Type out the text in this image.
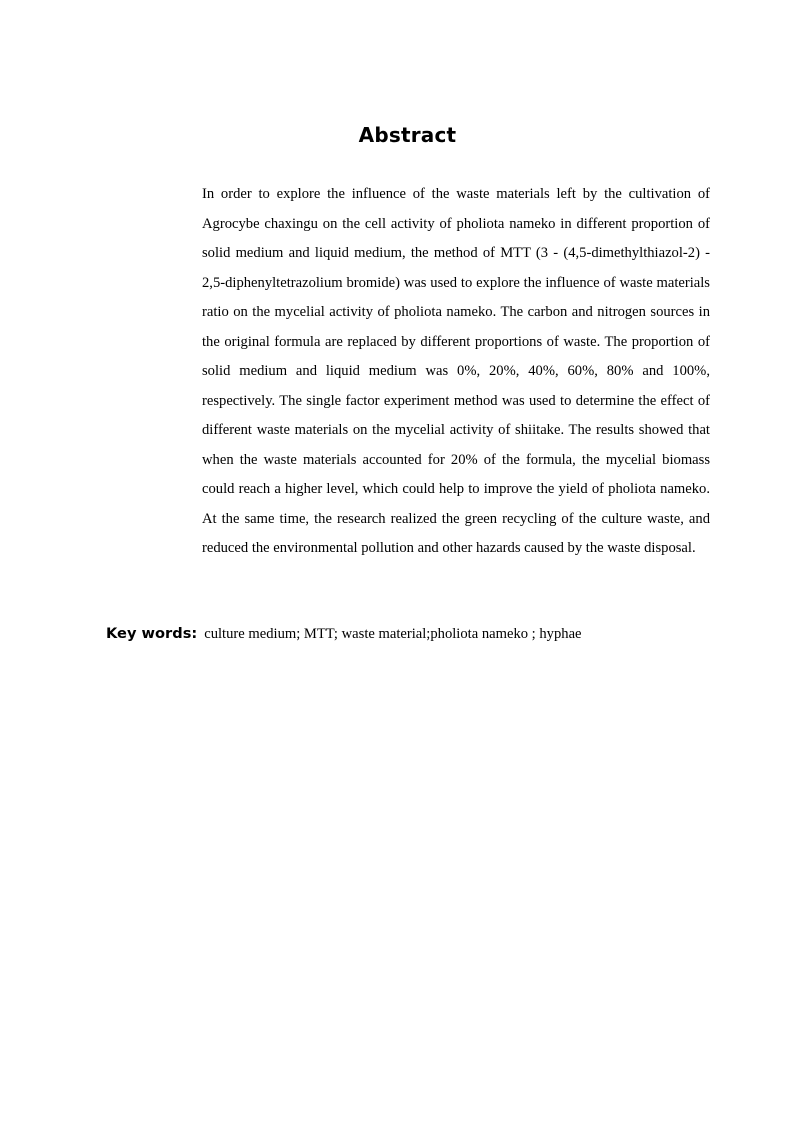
Abstract

In order to explore the influence of the waste materials left by the cultivation of Agrocybe chaxingu on the cell activity of pholiota nameko in different proportion of solid medium and liquid medium, the method of MTT (3 - (4,5-dimethylthiazol-2) - 2,5-diphenyltetrazolium bromide) was used to explore the influence of waste materials ratio on the mycelial activity of pholiota nameko. The carbon and nitrogen sources in the original formula are replaced by different proportions of waste. The proportion of solid medium and liquid medium was 0%, 20%, 40%, 60%, 80% and 100%, respectively. The single factor experiment method was used to determine the effect of different waste materials on the mycelial activity of shiitake. The results showed that when the waste materials accounted for 20% of the formula, the mycelial biomass could reach a higher level, which could help to improve the yield of pholiota nameko. At the same time, the research realized the green recycling of the culture waste, and reduced the environmental pollution and other hazards caused by the waste disposal.

Key words: culture medium; MTT; waste material;pholiota nameko ; hyphae
